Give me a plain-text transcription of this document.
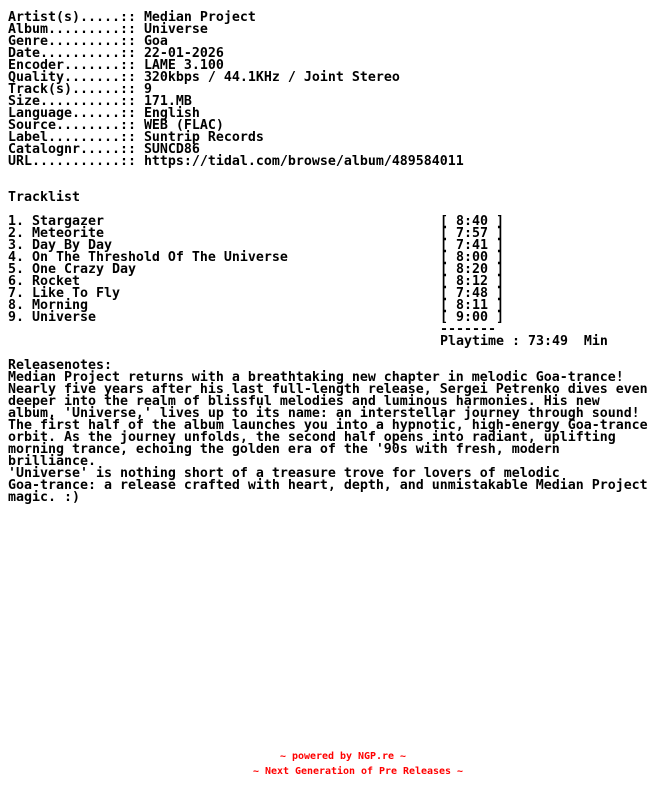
Artist(s).....:: Median Project
Album.........:: Universe
Genre.........:: Goa
Date..........:: 22-01-2026
Encoder.......:: LAME 3.100
Quality.......:: 320kbps / 44.1KHz / Joint Stereo
Track(s)......:: 9
Size..........:: 171.MB
Language......:: English
Source........:: WEB (FLAC)
Label.........:: Suntrip Records
Catalognr.....:: SUNCD86
URL...........:: https://tidal.com/browse/album/489584011
Tracklist
1. Stargazer	[ 8:40 ]
2. Meteorite	[ 7:57 ]
3. Day By Day	[ 7:41 ]
4. On The Threshold Of The Universe	[ 8:00 ]
5. One Crazy Day	[ 8:20 ]
6. Rocket	[ 8:12 ]
7. Like To Fly	[ 7:48 ]
8. Morning	[ 8:11 ]
9. Universe	[ 9:00 ]
-------
Playtime : 73:49  Min
Releasenotes:
Median Project returns with a breathtaking new chapter in melodic Goa-trance!
Nearly five years after his last full-length release, Sergei Petrenko dives even
deeper into the realm of blissful melodies and luminous harmonies. His new
album, 'Universe,' lives up to its name: an interstellar journey through sound!
The first half of the album launches you into a hypnotic, high-energy Goa-trance
orbit. As the journey unfolds, the second half opens into radiant, uplifting
morning trance, echoing the golden era of the '90s with fresh, modern
brilliance.
'Universe' is nothing short of a treasure trove for lovers of melodic
Goa-trance: a release crafted with heart, depth, and unmistakable Median Project
magic. :)
~ powered by NGP.re ~
~ Next Generation of Pre Releases ~
